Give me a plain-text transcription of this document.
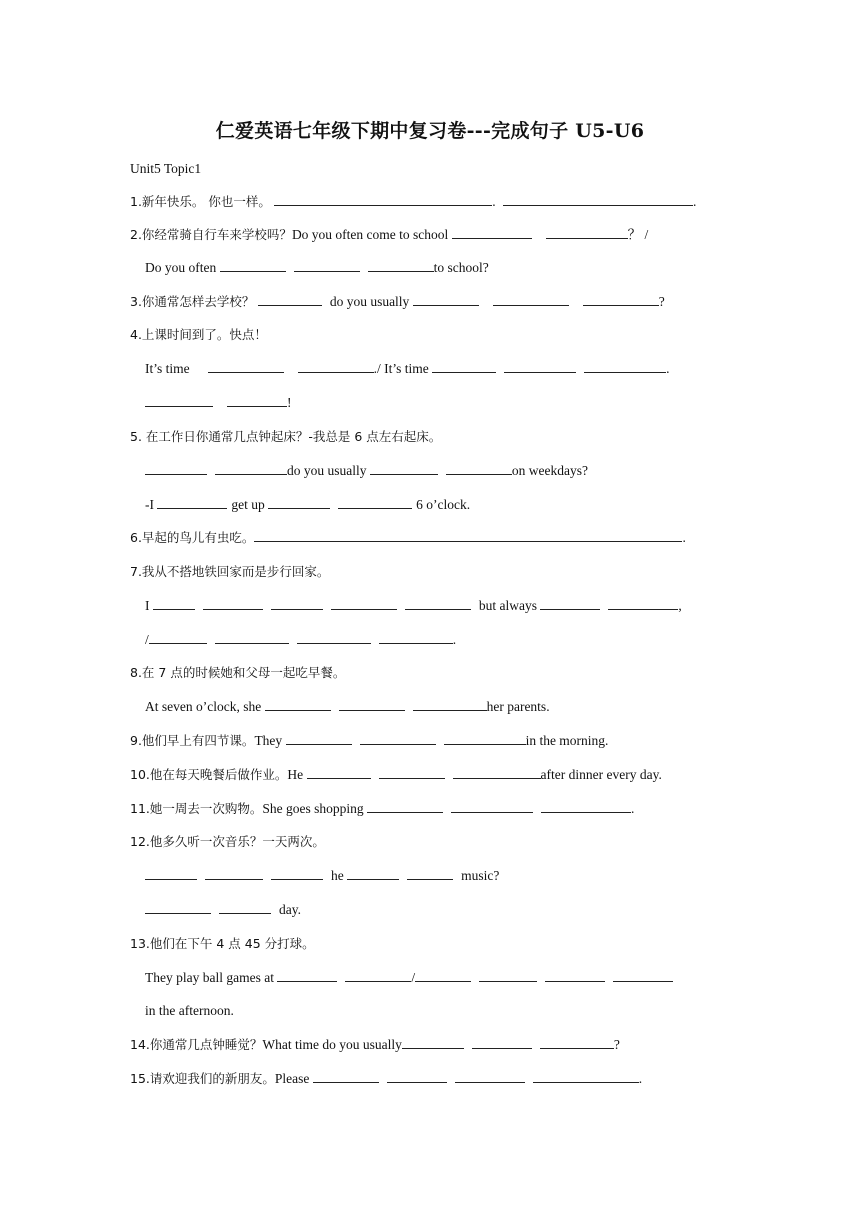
仁爱英语七年级下期中复习卷---完成句子 U5-U6
Unit5 Topic1
1.新年快乐。 你也一样。	.	.
2.你经常骑自行车来学校吗？Do you often come to school	？ /
Do you often	to school?
3.你通常怎样去学校？	do you usually	?
4.上课时间到了。快点！
It’s time	./ It’s time	.
!
5. 在工作日你通常几点钟起床？-我总是 6 点左右起床。
do you usually	on weekdays?
-I	get up	6 o’clock.
6.早起的鸟儿有虫吃。	.
7.我从不搭地铁回家而是步行回家。
I	but always	,
/	.
8.在 7 点的时候她和父母一起吃早餐。
At seven o’clock, she	her parents.
9.他们早上有四节课。They	in the morning.
10.他在每天晚餐后做作业。He	after dinner every day.
11.她一周去一次购物。She goes shopping	.
12.他多久听一次音乐？一天两次。
he	music?
day.
13.他们在下午 4 点 45 分打球。
They play ball games at	/
in the afternoon.
14.你通常几点钟睡觉？What time do you usually	?
15.请欢迎我们的新朋友。Please	.
